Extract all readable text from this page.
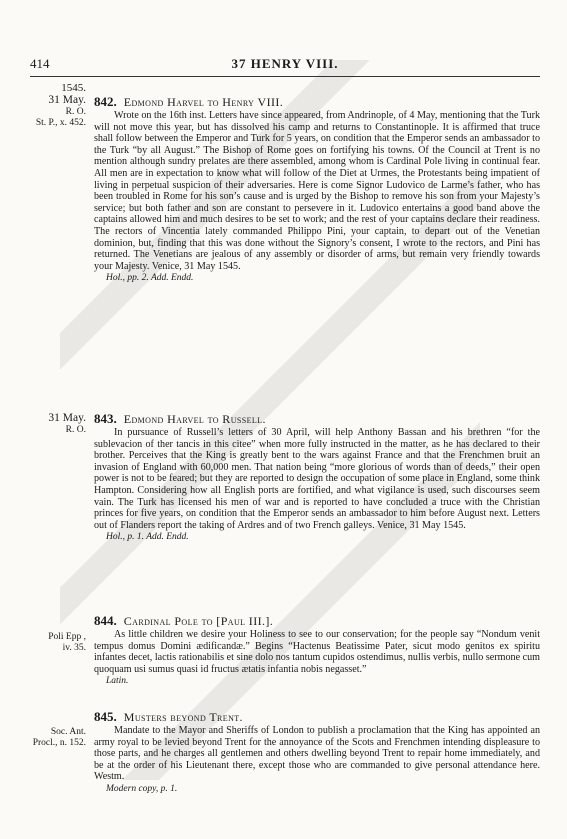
414	37 HENRY VIII.
1545.
31 May.
R. O.
St. P., x. 452.
842. Edmond Harvel to Henry VIII.

Wrote on the 16th inst. Letters have since appeared, from Andrinople, of 4 May, mentioning that the Turk will not move this year, but has dissolved his camp and returns to Constantinople. It is affirmed that truce shall follow between the Emperor and Turk for 5 years, on condition that the Emperor sends an ambassador to the Turk “by all August.” The Bishop of Rome goes on fortifying his towns. Of the Council at Trent is no mention although sundry prelates are there assembled, among whom is Cardinal Pole living in continual fear. All men are in expectation to know what will follow of the Diet at Urmes, the Protestants being impatient of living in perpetual suspicion of their adversaries. Here is come Signor Ludovico de Larme’s father, who has been troubled in Rome for his son’s cause and is urged by the Bishop to remove his son from your Majesty’s service; but both father and son are constant to persevere in it. Ludovico entertains a good band above the captains allowed him and much desires to be set to work; and the rest of your captains declare their readiness. The rectors of Vincentia lately commanded Philippo Pini, your captain, to depart out of the Venetian dominion, but, finding that this was done without the Signory’s consent, I wrote to the rectors, and Pini has returned. The Venetians are jealous of any assembly or disorder of arms, but remain very friendly towards your Majesty. Venice, 31 May 1545.

Hol., pp. 2. Add. Endd.
31 May.
R. O.
843. Edmond Harvel to Russell.

In pursuance of Russell’s letters of 30 April, will help Anthony Bassan and his brethren “for the sublevacion of ther tancis in this citee” when more fully instructed in the matter, as he has declared to their brother. Perceives that the King is greatly bent to the wars against France and that the Frenchmen bruit an invasion of England with 60,000 men. That nation being “more glorious of words than of deeds,” their open power is not to be feared; but they are reported to design the occupation of some place in England, some think Hampton. Considering how all English ports are fortified, and what vigilance is used, such discourses seem vain. The Turk has licensed his men of war and is reported to have concluded a truce with the Christian princes for five years, on condition that the Emperor sends an ambassador to him before August next. Letters out of Flanders report the taking of Ardres and of two French galleys. Venice, 31 May 1545.

Hol., p. 1. Add. Endd.
Poli Epp ,
iv. 35.
844. Cardinal Pole to [Paul III.].

As little children we desire your Holiness to see to our conservation; for the people say “Nondum venit tempus domus Domini ædificandæ.” Begins “Hactenus Beatissime Pater, sicut modo genitos ex spiritu infantes decet, lactis rationabilis et sine dolo nos tantum cupidos ostendimus, nullis verbis, nullo sermone cum quoquam usi sumus quasi id fructus ætatis infantia nobis negasset.”

Latin.
Soc. Ant.
Procl., n. 152.
845. Musters beyond Trent.

Mandate to the Mayor and Sheriffs of London to publish a proclamation that the King has appointed an army royal to be levied beyond Trent for the annoyance of the Scots and Frenchmen intending displeasure to those parts, and he charges all gentlemen and others dwelling beyond Trent to repair home immediately, and be at the order of his Lieutenant there, except those who are commanded to give personal attendance here. Westm.

Modern copy, p. 1.
